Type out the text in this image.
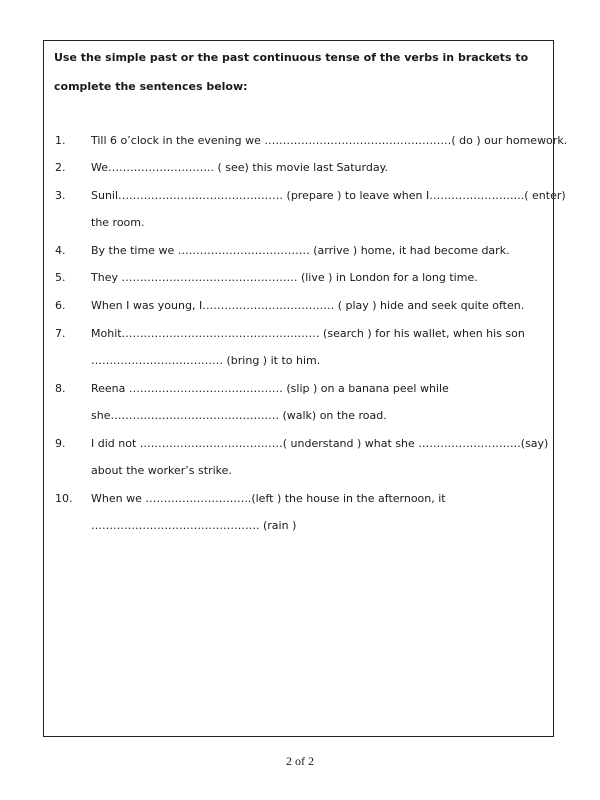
Use the simple past or the past continuous tense of the verbs in brackets to
complete the sentences below:
1. Till 6 o’clock in the evening we ……………………………………………( do ) our homework.
2. We……………………….. ( see) this movie last Saturday.
3. Sunil……………………………………… (prepare ) to leave when I……………………..( enter)
the room.
4. By the time we ……………………………… (arrive ) home, it had become dark.
5. They ………………………………………… (live ) in London for a long time.
6. When I was young, I……………………………… ( play ) hide and seek quite often.
7. Mohit……………………………………………… (search ) for his wallet, when his son
……………………………… (bring ) it to him.
8. Reena …………………………………… (slip ) on a banana peel while
she………………………………………. (walk) on the road.
9. I did not …………………………………( understand ) what she ……………………….(say)
about the worker’s strike.
10. When we ………………………..(left ) the house in the afternoon, it
………………………………………. (rain )
2 of 2
